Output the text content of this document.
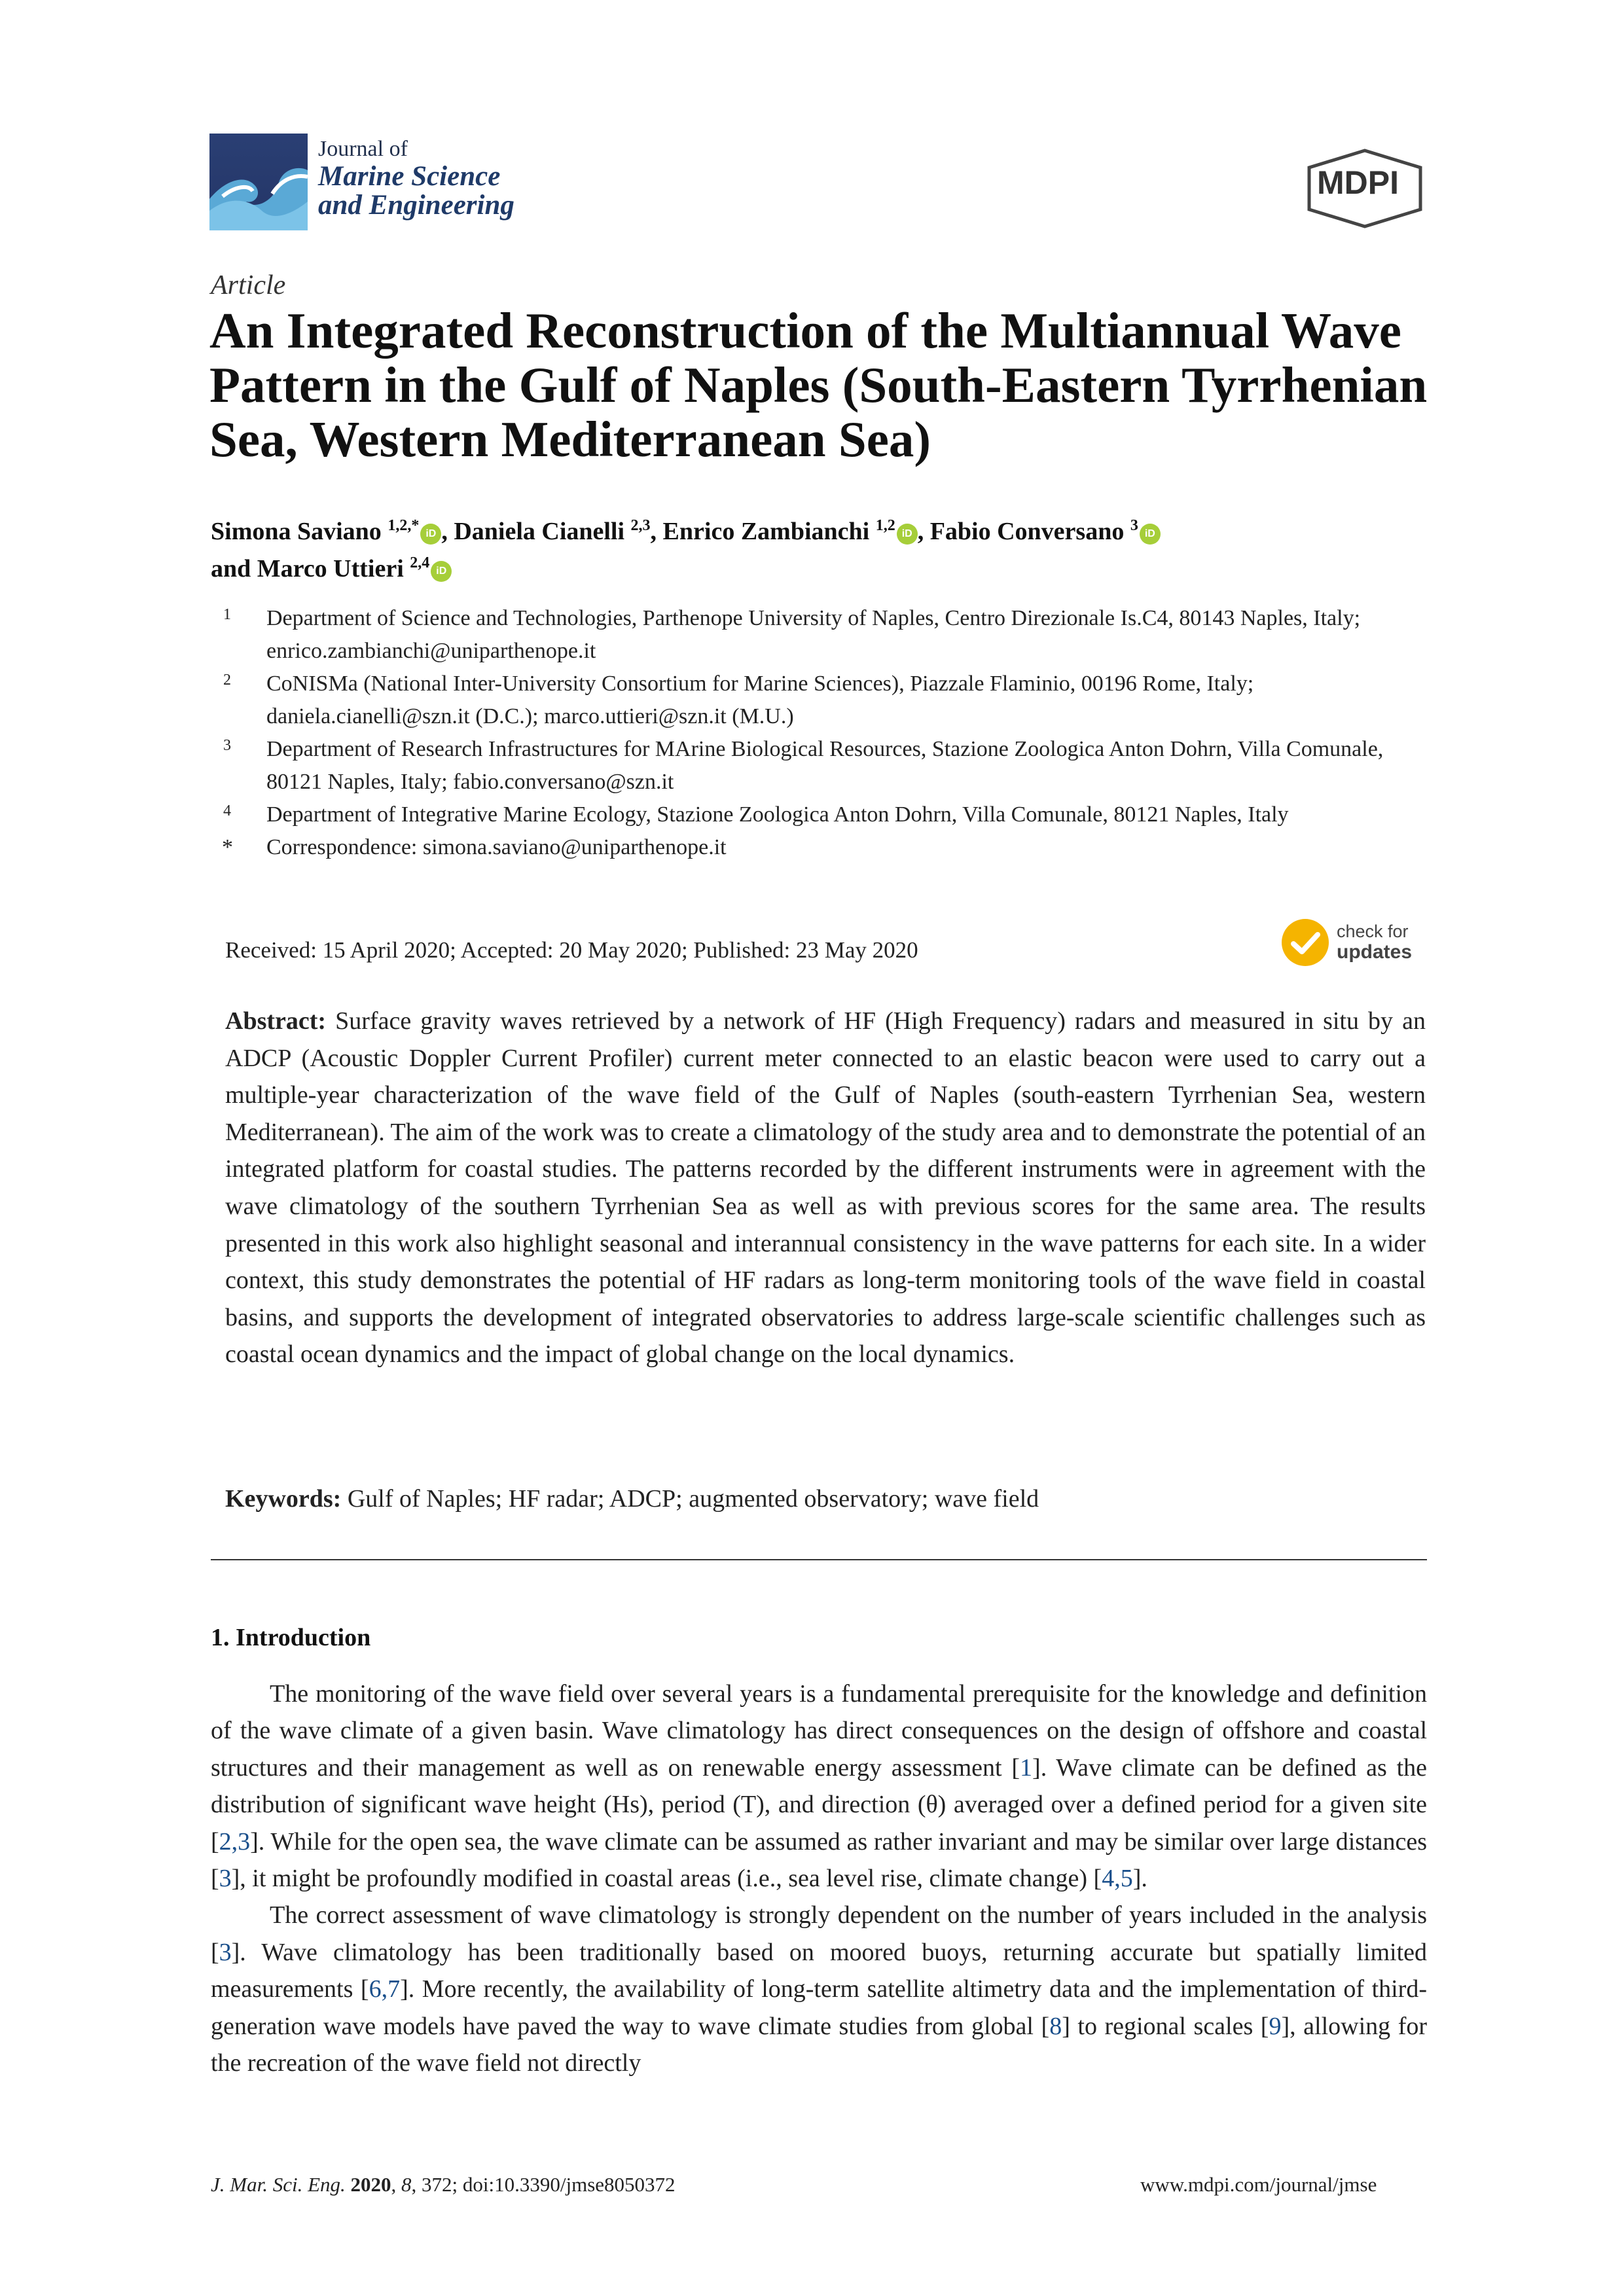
Journal of
Marine Science
and Engineering
MDPI
Article
An Integrated Reconstruction of the Multiannual Wave Pattern in the Gulf of Naples (South-Eastern Tyrrhenian Sea, Western Mediterranean Sea)
Simona Saviano $^{1,2,*}$ iD , Daniela Cianelli $^{2,3}$, Enrico Zambianchi $^{1,2}$ iD , Fabio Conversano $^3$ iD
and Marco Uttieri $^{2,4}$ iD
1 Department of Science and Technologies, Parthenope University of Naples, Centro Direzionale Is.C4, 80143 Naples, Italy; enrico.zambianchi@uniparthenope.it
2 CoNISMa (National Inter-University Consortium for Marine Sciences), Piazzale Flaminio, 00196 Rome, Italy; daniela.cianelli@szn.it (D.C.); marco.uttieri@szn.it (M.U.)
3 Department of Research Infrastructures for MArine Biological Resources, Stazione Zoologica Anton Dohrn, Villa Comunale, 80121 Naples, Italy; fabio.conversano@szn.it
4 Department of Integrative Marine Ecology, Stazione Zoologica Anton Dohrn, Villa Comunale, 80121 Naples, Italy
* Correspondence: simona.saviano@uniparthenope.it
Received: 15 April 2020; Accepted: 20 May 2020; Published: 23 May 2020
check for
updates

Abstract: Surface gravity waves retrieved by a network of HF (High Frequency) radars and measured in situ by an ADCP (Acoustic Doppler Current Profiler) current meter connected to an elastic beacon were used to carry out a multiple-year characterization of the wave field of the Gulf of Naples (south-eastern Tyrrhenian Sea, western Mediterranean). The aim of the work was to create a climatology of the study area and to demonstrate the potential of an integrated platform for coastal studies. The patterns recorded by the different instruments were in agreement with the wave climatology of the southern Tyrrhenian Sea as well as with previous scores for the same area. The results presented in this work also highlight seasonal and interannual consistency in the wave patterns for each site. In a wider context, this study demonstrates the potential of HF radars as long-term monitoring tools of the wave field in coastal basins, and supports the development of integrated observatories to address large-scale scientific challenges such as coastal ocean dynamics and the impact of global change on the local dynamics.

Keywords: Gulf of Naples; HF radar; ADCP; augmented observatory; wave field

1. Introduction

The monitoring of the wave field over several years is a fundamental prerequisite for the knowledge and definition of the wave climate of a given basin. Wave climatology has direct consequences on the design of offshore and coastal structures and their management as well as on renewable energy assessment [1]. Wave climate can be defined as the distribution of significant wave height (Hs), period (T), and direction (θ) averaged over a defined period for a given site [2,3]. While for the open sea, the wave climate can be assumed as rather invariant and may be similar over large distances [3], it might be profoundly modified in coastal areas (i.e., sea level rise, climate change) [4,5].

The correct assessment of wave climatology is strongly dependent on the number of years included in the analysis [3]. Wave climatology has been traditionally based on moored buoys, returning accurate but spatially limited measurements [6,7]. More recently, the availability of long-term satellite altimetry data and the implementation of third-generation wave models have paved the way to wave climate studies from global [8] to regional scales [9], allowing for the recreation of the wave field not directly

J. Mar. Sci. Eng. 2020, 8, 372; doi:10.3390/jmse8050372	www.mdpi.com/journal/jmse
